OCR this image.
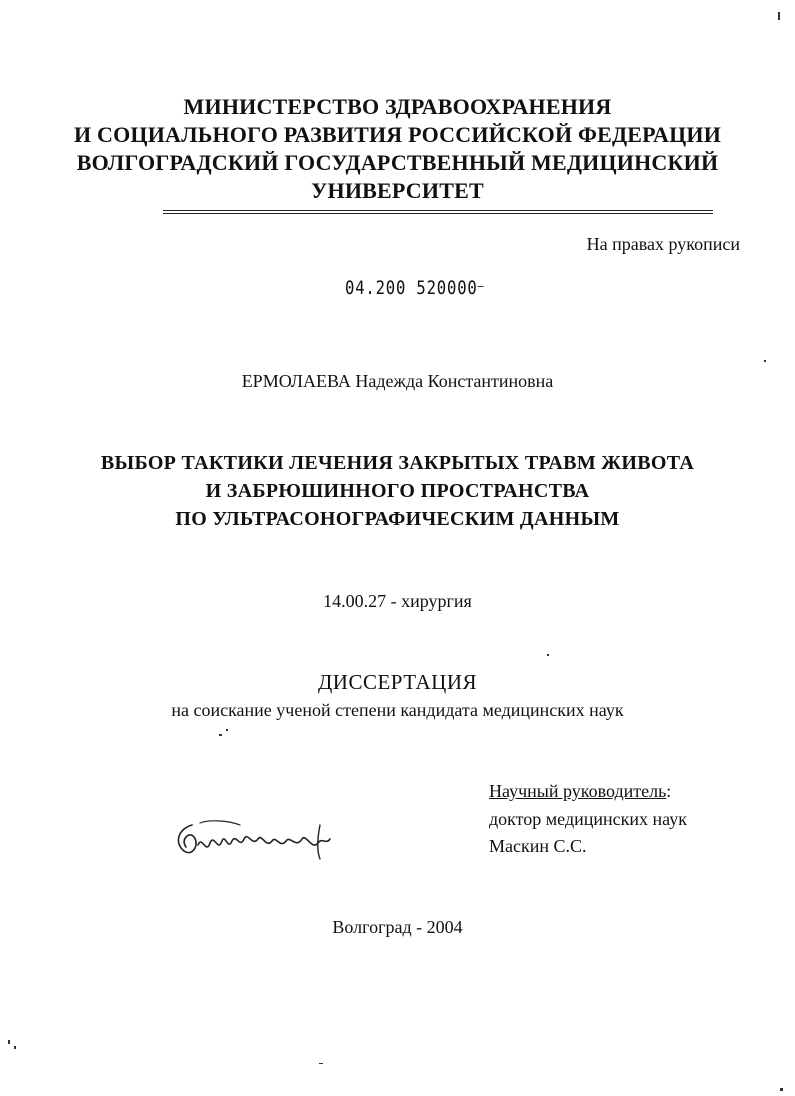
МИНИСТЕРСТВО ЗДРАВООХРАНЕНИЯ
И СОЦИАЛЬНОГО РАЗВИТИЯ РОССИЙСКОЙ ФЕДЕРАЦИИ
ВОЛГОГРАДСКИЙ ГОСУДАРСТВЕННЫЙ МЕДИЦИНСКИЙ
УНИВЕРСИТЕТ
На правах рукописи
04.200 520000–
ЕРМОЛАЕВА Надежда Константиновна
ВЫБОР ТАКТИКИ ЛЕЧЕНИЯ ЗАКРЫТЫХ ТРАВМ ЖИВОТА
И ЗАБРЮШИННОГО ПРОСТРАНСТВА
ПО УЛЬТРАСОНОГРАФИЧЕСКИМ ДАННЫМ
14.00.27 - хирургия
ДИССЕРТАЦИЯ
на соискание ученой степени кандидата медицинских наук
Научный руководитель:
доктор медицинских наук
Маскин С.С.
Волгоград - 2004
